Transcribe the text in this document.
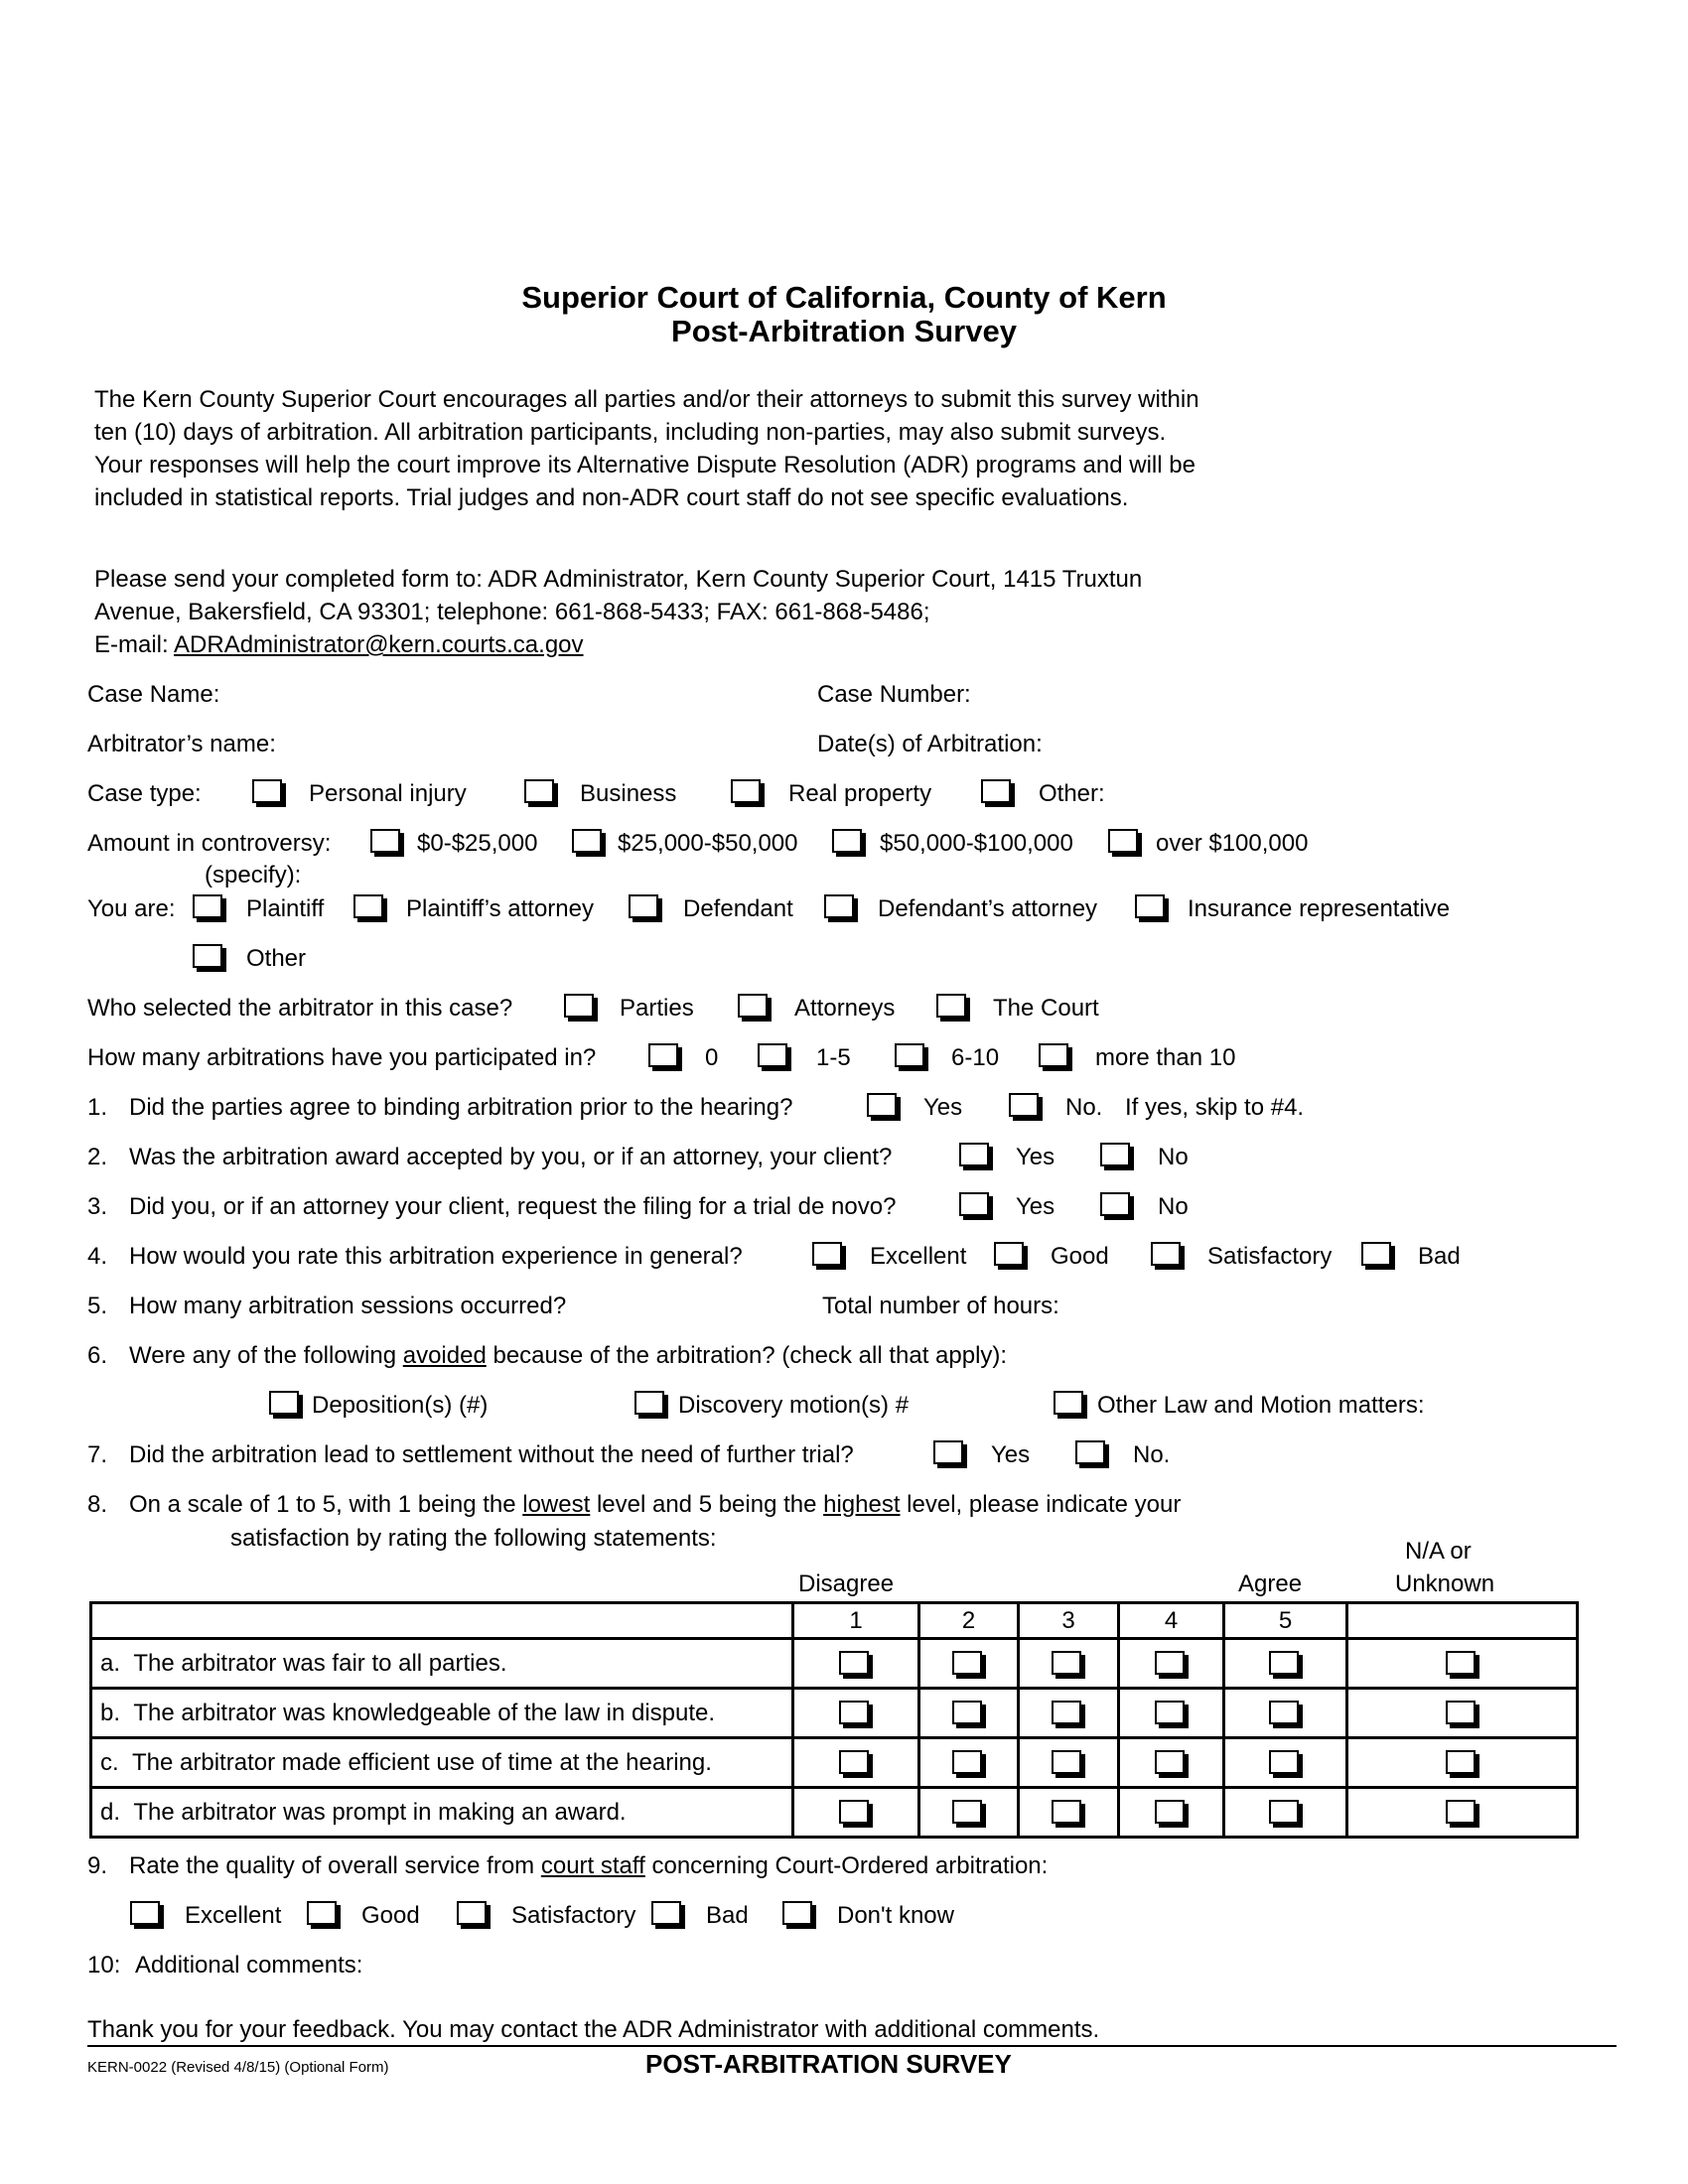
Superior Court of California, County of Kern
Post-Arbitration Survey
The Kern County Superior Court encourages all parties and/or their attorneys to submit this survey within ten (10) days of arbitration. All arbitration participants, including non-parties, may also submit surveys. Your responses will help the court improve its Alternative Dispute Resolution (ADR) programs and will be included in statistical reports. Trial judges and non-ADR court staff do not see specific evaluations.
Please send your completed form to: ADR Administrator, Kern County Superior Court, 1415 Truxtun
Avenue, Bakersfield, CA 93301; telephone: 661-868-5433; FAX: 661-868-5486;
E-mail: ADRAdministrator@kern.courts.ca.gov
Case Name:	Case Number:
Arbitrator’s name:	Date(s) of Arbitration:
Case type:	Personal injury	Business	Real property	Other:
Amount in controversy:
(specify):
$0-$25,000	$25,000-$50,000	$50,000-$100,000	over $100,000
You are:	Plaintiff	Plaintiff’s attorney	Defendant	Defendant’s attorney	Insurance representative
Other
Who selected the arbitrator in this case?	Parties	Attorneys	The Court
How many arbitrations have you participated in?	0	1-5	6-10	more than 10
1. Did the parties agree to binding arbitration prior to the hearing?	Yes	No. If yes, skip to #4.
2. Was the arbitration award accepted by you, or if an attorney, your client?	Yes	No
3. Did you, or if an attorney your client, request the filing for a trial de novo?	Yes	No
4. How would you rate this arbitration experience in general?	Excellent	Good	Satisfactory	Bad
5. How many arbitration sessions occurred?	Total number of hours:
6. Were any of the following avoided because of the arbitration? (check all that apply):
Deposition(s) (#)	Discovery motion(s) #	Other Law and Motion matters:
7. Did the arbitration lead to settlement without the need of further trial?	Yes	No.
8. On a scale of 1 to 5, with 1 being the lowest level and 5 being the highest level, please indicate your
satisfaction by rating the following statements:
Disagree	Agree
N/A or
Unknown
	1	2	3	4	5	
a. The arbitrator was fair to all parties.	

b. The arbitrator was knowledgeable of the law in dispute.	

c. The arbitrator made efficient use of time at the hearing.	

d. The arbitrator was prompt in making an award.	

9. Rate the quality of overall service from court staff concerning Court-Ordered arbitration:
Excellent	Good	Satisfactory	Bad	Don't know
10: Additional comments:
Thank you for your feedback. You may contact the ADR Administrator with additional comments.
KERN-0022 (Revised 4/8/15) (Optional Form)	POST-ARBITRATION SURVEY
